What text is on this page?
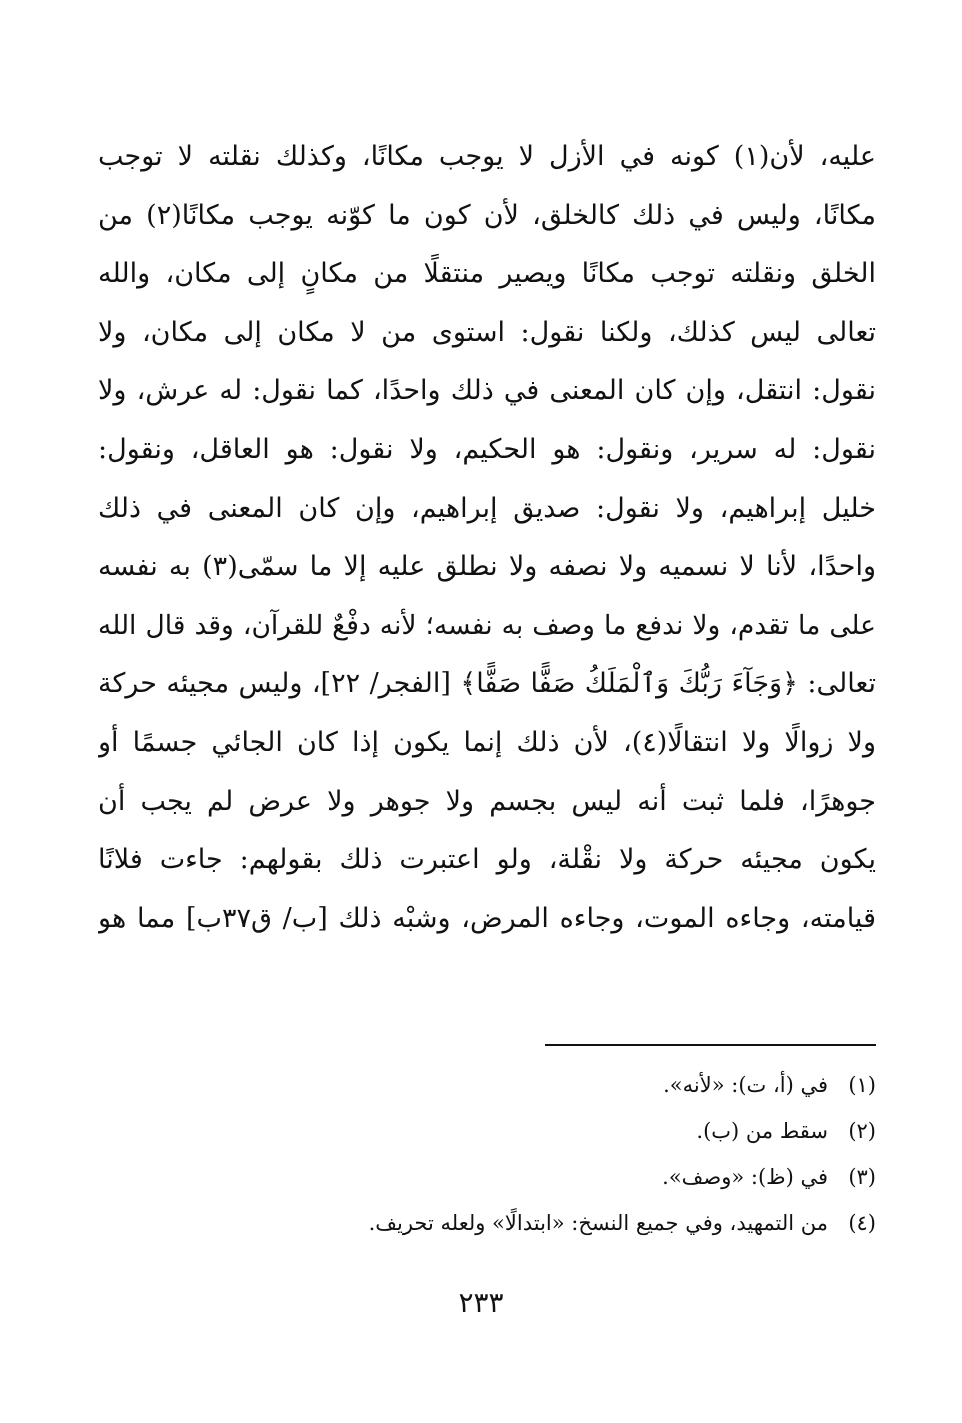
عليه، لأن(١) كونه في الأزل لا يوجب مكانًا، وكذلك نقلته لا توجب
مكانًا، وليس في ذلك كالخلق، لأن كون ما كوّنه يوجب مكانًا(٢) من
الخلق ونقلته توجب مكانًا ويصير منتقلًا من مكانٍ إلى مكان، والله
تعالى ليس كذلك، ولكنا نقول: استوى من لا مكان إلى مكان، ولا
نقول: انتقل، وإن كان المعنى في ذلك واحدًا، كما نقول: له عرش، ولا
نقول: له سرير، ونقول: هو الحكيم، ولا نقول: هو العاقل، ونقول:
خليل إبراهيم، ولا نقول: صديق إبراهيم، وإن كان المعنى في ذلك
واحدًا، لأنا لا نسميه ولا نصفه ولا نطلق عليه إلا ما سمّى(٣) به نفسه
على ما تقدم، ولا ندفع ما وصف به نفسه؛ لأنه دفْعٌ للقرآن، وقد قال الله
تعالى: ﴿وَجَآءَ رَبُّكَ وَٱلْمَلَكُ صَفًّا صَفًّا﴾ [الفجر/ ٢٢]، وليس مجيئه حركة
ولا زوالًا ولا انتقالًا(٤)، لأن ذلك إنما يكون إذا كان الجائي جسمًا أو
جوهرًا، فلما ثبت أنه ليس بجسم ولا جوهر ولا عرض لم يجب أن
يكون مجيئه حركة ولا نقْلة، ولو اعتبرت ذلك بقولهم: جاءت فلانًا
قيامته، وجاءه الموت، وجاءه المرض، وشبْه ذلك [ب/ ق٣٧ب] مما هو
(١)في (أ، ت): «لأنه».
(٢)سقط من (ب).
(٣)في (ظ): «وصف».
(٤)من التمهيد، وفي جميع النسخ: «ابتدالًا» ولعله تحريف.
٢٣٣
